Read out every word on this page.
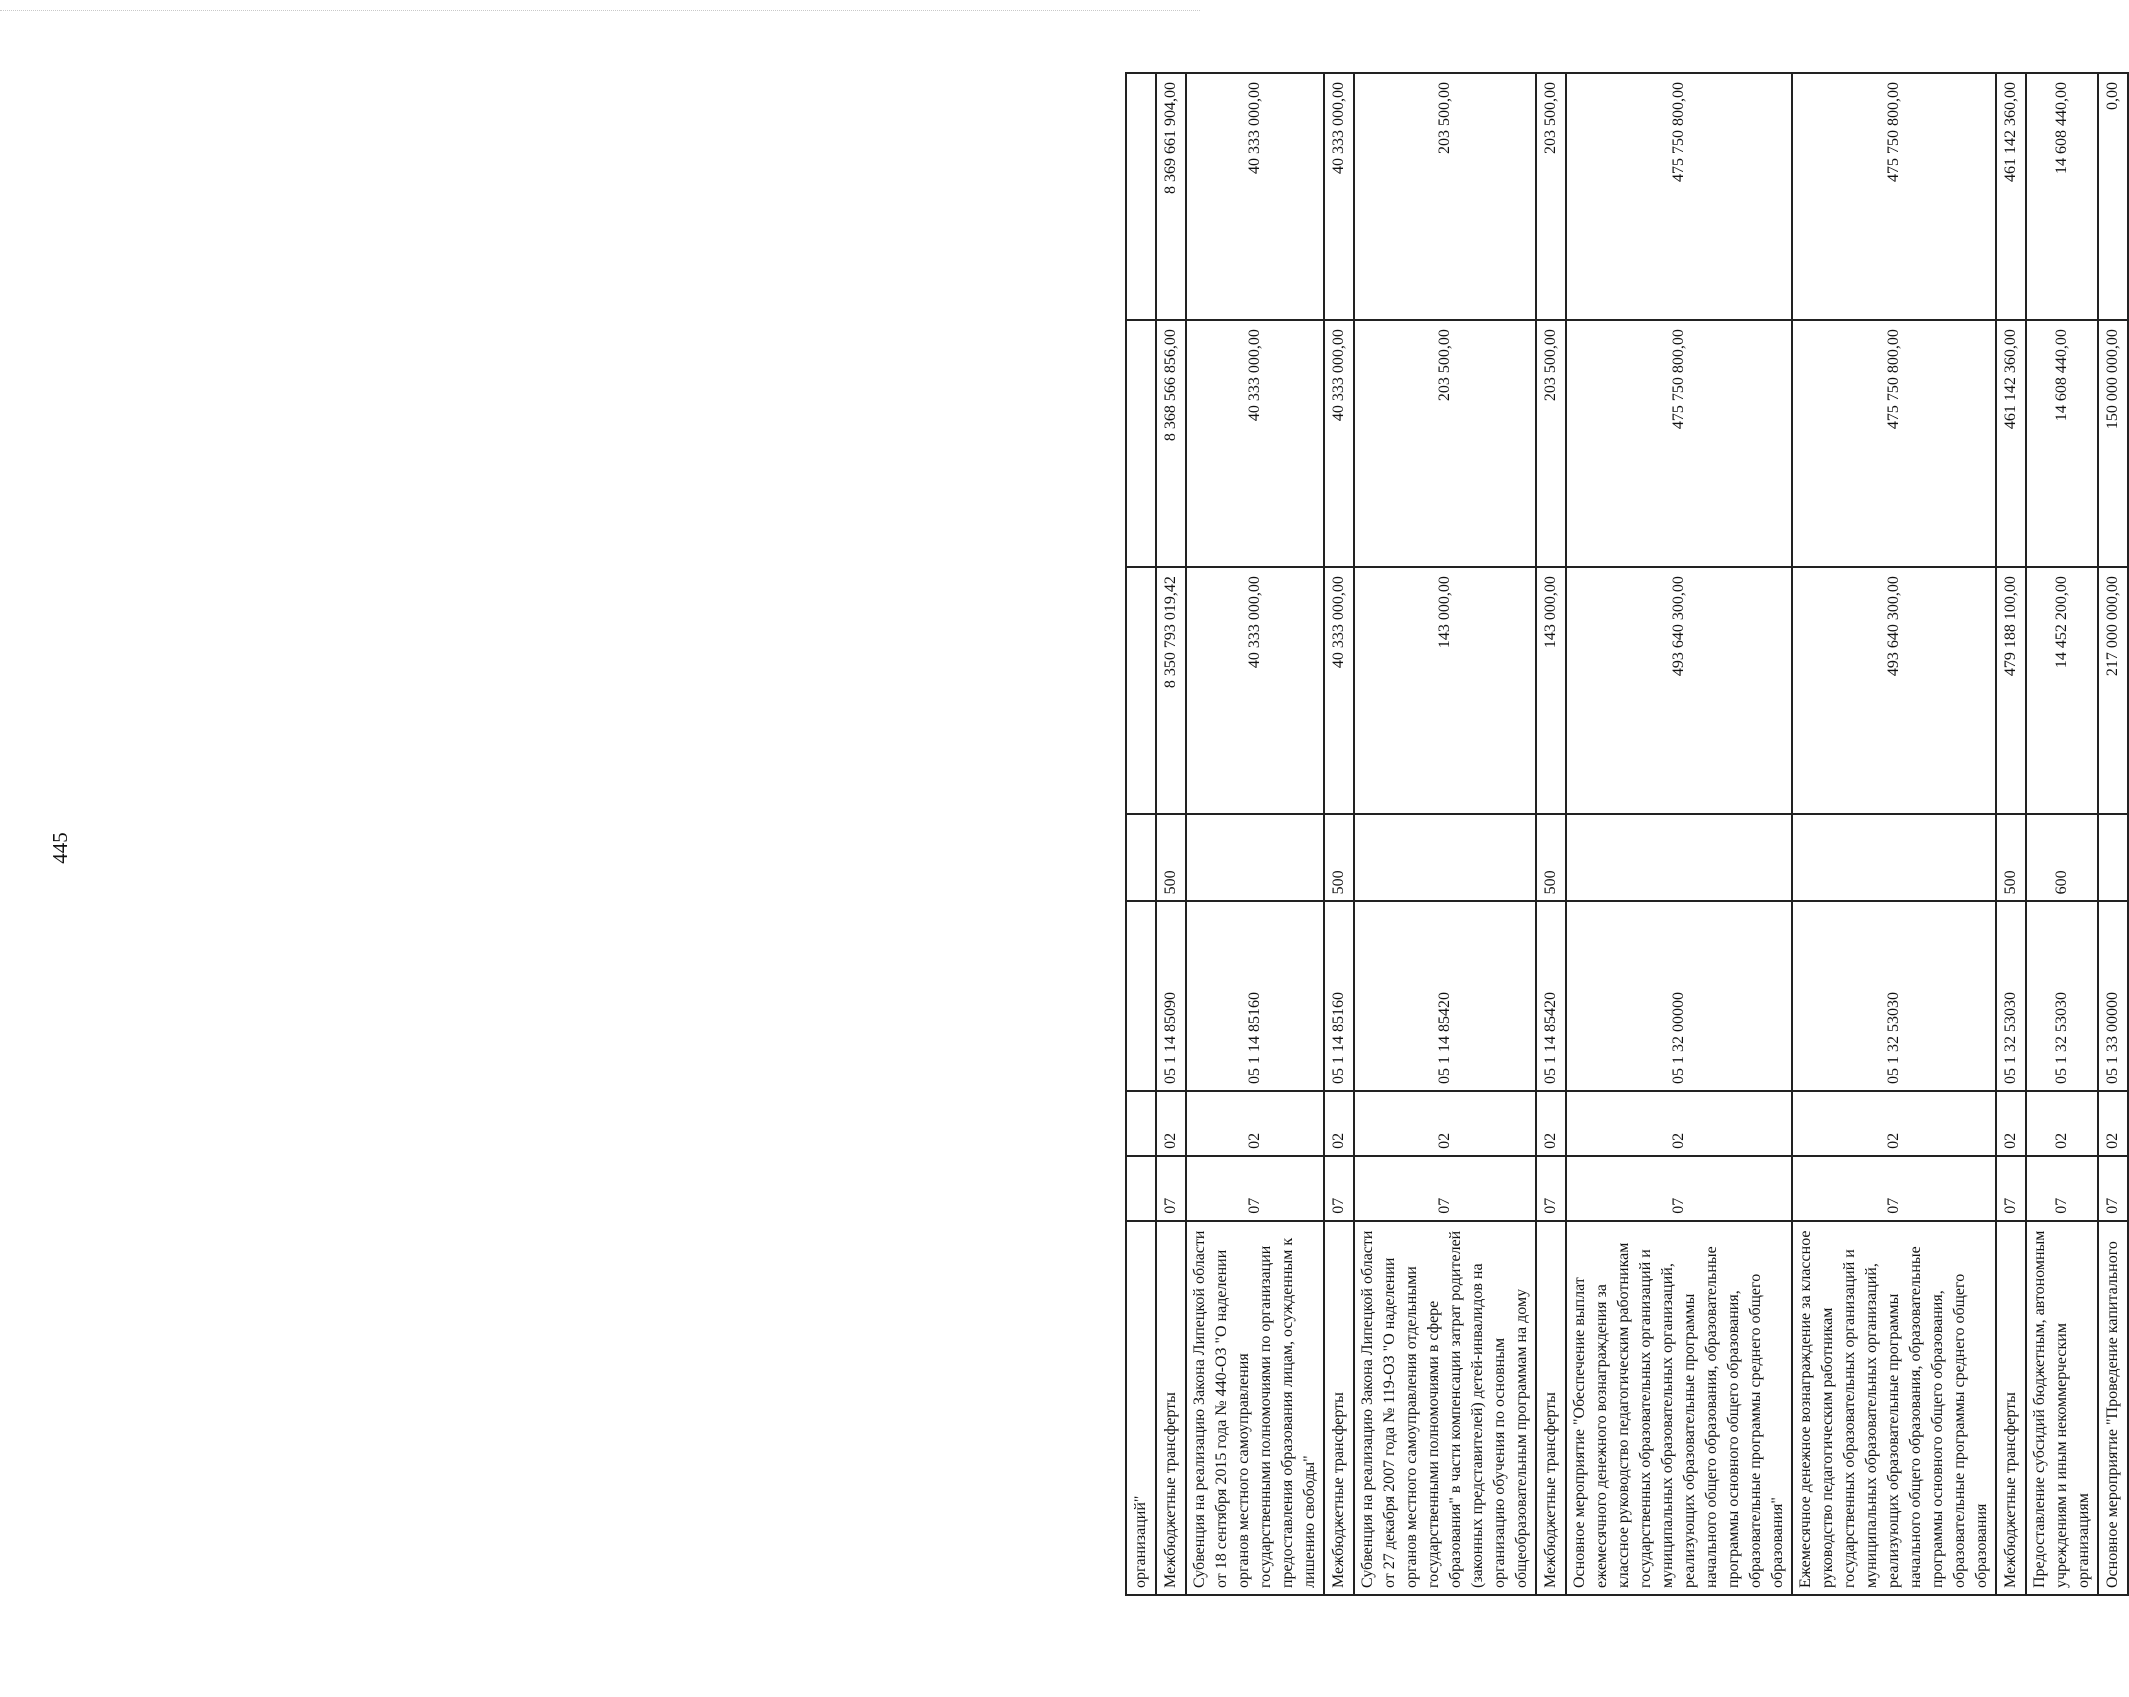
445
организаций"							
Межбюджетные трансферты	07	02	05 1 14 85090	500	8 350 793 019,42	8 368 566 856,00	8 369 661 904,00
Субвенция на реализацию Закона Липецкой области от 18 сентября 2015 года № 440-ОЗ "О наделении органов местного самоуправления государственными полномочиями по организации предоставления образования лицам, осужденным к лишению свободы"	07	02	05 1 14 85160		40 333 000,00	40 333 000,00	40 333 000,00
Межбюджетные трансферты	07	02	05 1 14 85160	500	40 333 000,00	40 333 000,00	40 333 000,00
Субвенция на реализацию Закона Липецкой области от 27 декабря 2007 года № 119-ОЗ "О наделении органов местного самоуправления отдельными государственными полномочиями в сфере образования" в части компенсации затрат родителей (законных представителей) детей-инвалидов на организацию обучения по основным общеобразовательным программам на дому	07	02	05 1 14 85420		143 000,00	203 500,00	203 500,00
Межбюджетные трансферты	07	02	05 1 14 85420	500	143 000,00	203 500,00	203 500,00
Основное мероприятие "Обеспечение выплат ежемесячного денежного вознаграждения за классное руководство педагогическим работникам государственных образовательных организаций и муниципальных образовательных организаций, реализующих образовательные программы начального общего образования, образовательные программы основного общего образования, образовательные программы среднего общего образования"	07	02	05 1 32 00000		493 640 300,00	475 750 800,00	475 750 800,00
Ежемесячное денежное вознаграждение за классное руководство педагогическим работникам государственных образовательных организаций и муниципальных образовательных организаций, реализующих образовательные программы начального общего образования, образовательные программы основного общего образования, образовательные программы среднего общего образования	07	02	05 1 32 53030		493 640 300,00	475 750 800,00	475 750 800,00
Межбюджетные трансферты	07	02	05 1 32 53030	500	479 188 100,00	461 142 360,00	461 142 360,00
Предоставление субсидий бюджетным, автономным учреждениям и иным некоммерческим организациям	07	02	05 1 32 53030	600	14 452 200,00	14 608 440,00	14 608 440,00
Основное мероприятие "Проведение капитального	07	02	05 1 33 00000		217 000 000,00	150 000 000,00	0,00
